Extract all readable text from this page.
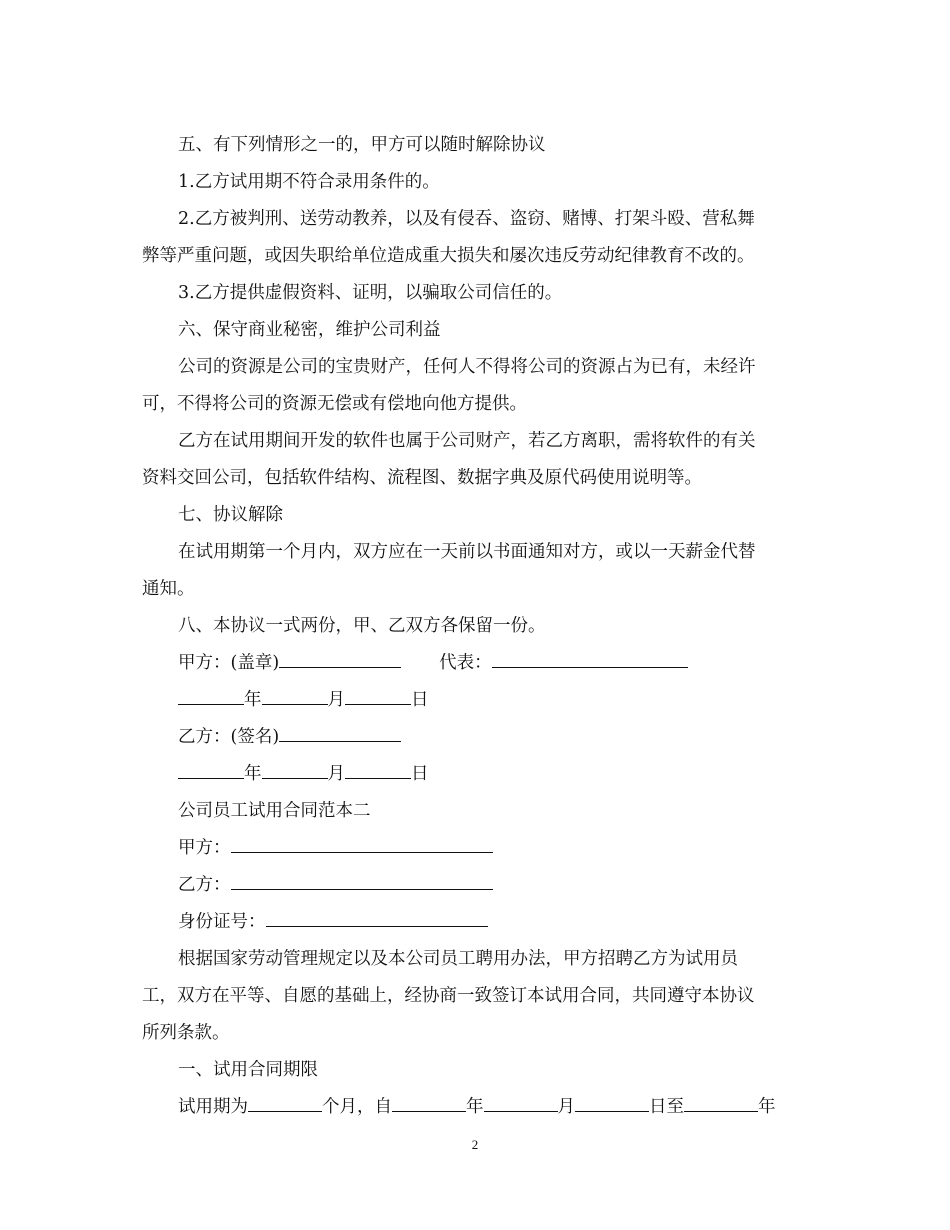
五、有下列情形之一的，甲方可以随时解除协议
1.乙方试用期不符合录用条件的。
2.乙方被判刑、送劳动教养，以及有侵吞、盗窃、赌博、打架斗殴、营私舞
弊等严重问题，或因失职给单位造成重大损失和屡次违反劳动纪律教育不改的。
3.乙方提供虚假资料、证明，以骗取公司信任的。
六、保守商业秘密，维护公司利益
公司的资源是公司的宝贵财产，任何人不得将公司的资源占为已有，未经许
可，不得将公司的资源无偿或有偿地向他方提供。
乙方在试用期间开发的软件也属于公司财产，若乙方离职，需将软件的有关
资料交回公司，包括软件结构、流程图、数据字典及原代码使用说明等。
七、协议解除
在试用期第一个月内，双方应在一天前以书面通知对方，或以一天薪金代替
通知。
八、本协议一式两份，甲、乙双方各保留一份。
甲方：(盖章)	代表：
年	月	日
乙方：(签名)
年	月	日
公司员工试用合同范本二
甲方：
乙方：
身份证号：
根据国家劳动管理规定以及本公司员工聘用办法，甲方招聘乙方为试用员
工，双方在平等、自愿的基础上，经协商一致签订本试用合同，共同遵守本协议
所列条款。
一、试用合同期限
试用期为	个月，自	年	月	日至	年
2
